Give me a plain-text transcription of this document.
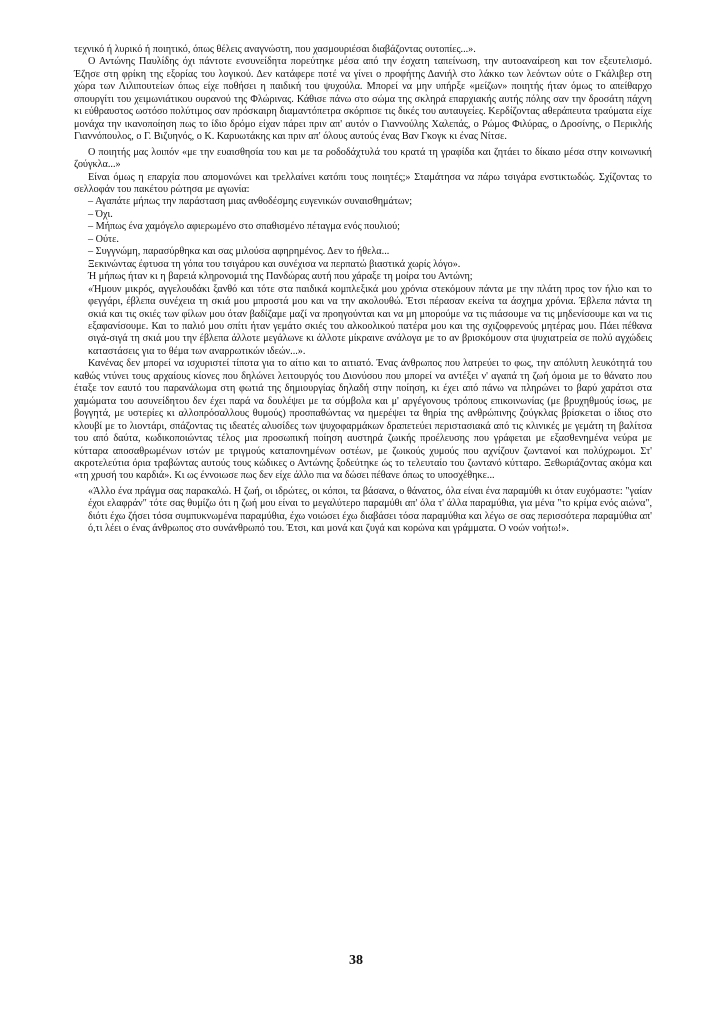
τεχνικό ή λυρικό ή ποιητικό, όπως θέλεις αναγνώστη, που χασμουριέσαι διαβάζοντας ουτοπίες...».

Ο Αντώνης Παυλίδης όχι πάντοτε ενσυνείδητα πορεύτηκε μέσα από την έσχατη ταπείνωση, την αυτοαναίρεση και τον εξευτελισμό. Έζησε στη φρίκη της εξορίας του λογικού. Δεν κατάφερε ποτέ να γίνει ο προφήτης Δανιήλ στο λάκκο των λεόντων ούτε ο Γκάλιβερ στη χώρα των Λιλιπουτείων όπως είχε ποθήσει η παιδική του ψυχούλα. Μπορεί να μην υπήρξε «μείζων» ποιητής ήταν όμως το απείθαρχο σπουργίτι του χειμωνιάτικου ουρανού της Φλώρινας. Κάθισε πάνω στο σώμα της σκληρά επαρχιακής αυτής πόλης σαν την δροσάτη πάχνη κι εύθραυστος ωστόσο πολύτιμος σαν πρόσκαιρη διαμαντόπετρα σκόρπισε τις δικές του αυταυγείες. Κερδίζοντας αθεράπευτα τραύματα είχε μονάχα την ικανοποίηση πως το ίδιο δρόμο είχαν πάρει πριν απ' αυτόν ο Γιαννούλης Χαλεπάς, ο Ρώμος Φιλύρας, ο Δροσίνης, ο Περικλής Γιαννόπουλος, ο Γ. Βιζυηνός, ο Κ. Καρυωτάκης και πριν απ' όλους αυτούς ένας Βαν Γκογκ κι ένας Νίτσε.

Ο ποιητής μας λοιπόν «με την ευαισθησία του και με τα ροδοδάχτυλά του κρατά τη γραφίδα και ζητάει το δίκαιο μέσα στην κοινωνική ζούγκλα...»

Είναι όμως η επαρχία που απομονώνει και τρελλαίνει κατόπι τους ποιητές;» Σταμάτησα να πάρω τσιγάρα ενστικτωδώς. Σχίζοντας το σελλοφάν του πακέτου ρώτησα με αγωνία:

– Αγαπάτε μήπως την παράσταση μιας ανθοδέσμης ευγενικών συναισθημάτων;

– Όχι.

– Μήπως ένα χαμόγελο αφιερωμένο στο σπαθισμένο πέταγμα ενός πουλιού;

– Ούτε.

– Συγγνώμη, παρασύρθηκα και σας μιλούσα αφηρημένος. Δεν το ήθελα...

Ξεκινώντας έφτυσα τη γόπα του τσιγάρου και συνέχισα να περπατώ βιαστικά χωρίς λόγο».

Ή μήπως ήταν κι η βαρειά κληρονομιά της Πανδώρας αυτή που χάραξε τη μοίρα του Αντώνη;

«Ήμουν μικρός, αγγελουδάκι ξανθό και τότε στα παιδικά κομπλεξικά μου χρόνια στεκόμουν πάντα με την πλάτη προς τον ήλιο και το φεγγάρι, έβλεπα συνέχεια τη σκιά μου μπροστά μου και να την ακολουθώ. Έτσι πέρασαν εκείνα τα άσχημα χρόνια. Έβλεπα πάντα τη σκιά και τις σκιές των φίλων μου όταν βαδίζαμε μαζί να προηγούνται και να μη μπορούμε να τις πιάσουμε να τις μηδενίσουμε και να τις εξαφανίσουμε. Και το παλιό μου σπίτι ήταν γεμάτο σκιές του αλκοολικού πατέρα μου και της σχιζοφρενούς μητέρας μου. Πάει πέθανα σιγά-σιγά τη σκιά μου την έβλεπα άλλοτε μεγάλωνε κι άλλοτε μίκραινε ανάλογα με το αν βρισκόμουν στα ψυχιατρεία σε πολύ αγχώδεις καταστάσεις για το θέμα των αναρρωτικών ιδεών...».

Κανένας δεν μπορεί να ισχυριστεί τίποτα για το αίτιο και το αιτιατό. Ένας άνθρωπος που λατρεύει το φως, την απόλυτη λευκότητά του καθώς ντύνει τους αρχαίους κίονες που δηλώνει λειτουργός του Διονύσου που μπορεί να αντέξει ν' αγαπά τη ζωή όμοια με το θάνατο που έταξε τον εαυτό του παρανάλωμα στη φωτιά της δημιουργίας δηλαδή στην ποίηση, κι έχει από πάνω να πληρώνει το βαρύ χαράτσι στα χαμώματα του ασυνείδητου δεν έχει παρά να δουλέψει με τα σύμβολα και μ' αργέγονους τρόπους επικοινωνίας (με βρυχηθμούς ίσως, με βογγητά, με υστερίες κι αλλοπρόσαλλους θυμούς) προσπαθώντας να ημερέψει τα θηρία της ανθρώπινης ζούγκλας βρίσκεται ο ίδιος στο κλουβί με το λιοντάρι, σπάζοντας τις ιδεατές αλυσίδες των ψυχοφαρμάκων δραπετεύει περιστασιακά από τις κλινικές με γεμάτη τη βαλίτσα του από δαύτα, κωδικοποιώντας τέλος μια προσωπική ποίηση αυστηρά ζωικής προέλευσης που γράφεται με εξασθενημένα νεύρα με κύτταρα αποσαθρωμένων ιστών με τριγμούς καταπονημένων οστέων, με ζωικούς χυμούς που αχνίζουν ζωντανοί και πολύχρωμοι. Στ' ακροτελεύτια όρια τραβώντας αυτούς τους κώδικες ο Αντώνης ξοδεύτηκε ώς το τελευταίο του ζωντανό κύτταρο. Ξεθωριάζοντας ακόμα και «τη χρυσή του καρδιά». Κι ως έννοιωσε πως δεν είχε άλλο πια να δώσει πέθανε όπως το υποσχέθηκε...

«Άλλο ένα πράγμα σας παρακαλώ. Η ζωή, οι ιδρώτες, οι κόποι, τα βάσανα, ο θάνατος, όλα είναι ένα παραμύθι κι όταν ευχόμαστε: "γαίαν έχοι ελαφράν" τότε σας θυμίζω ότι η ζωή μου είναι το μεγαλύτερο παραμύθι απ' όλα τ' άλλα παραμύθια, για μένα "το κρίμα ενός αιώνα", διότι έχω ζήσει τόσα συμπυκνωμένα παραμύθια, έχω νοιώσει έχω διαβάσει τόσα παραμύθια και λέγω σε σας περισσότερα παραμύθια απ' ό,τι λέει ο ένας άνθρωπος στο συνάνθρωπό του. Έτσι, και μονά και ζυγά και κορώνα και γράμματα. Ο νοών νοήτω!».

38
